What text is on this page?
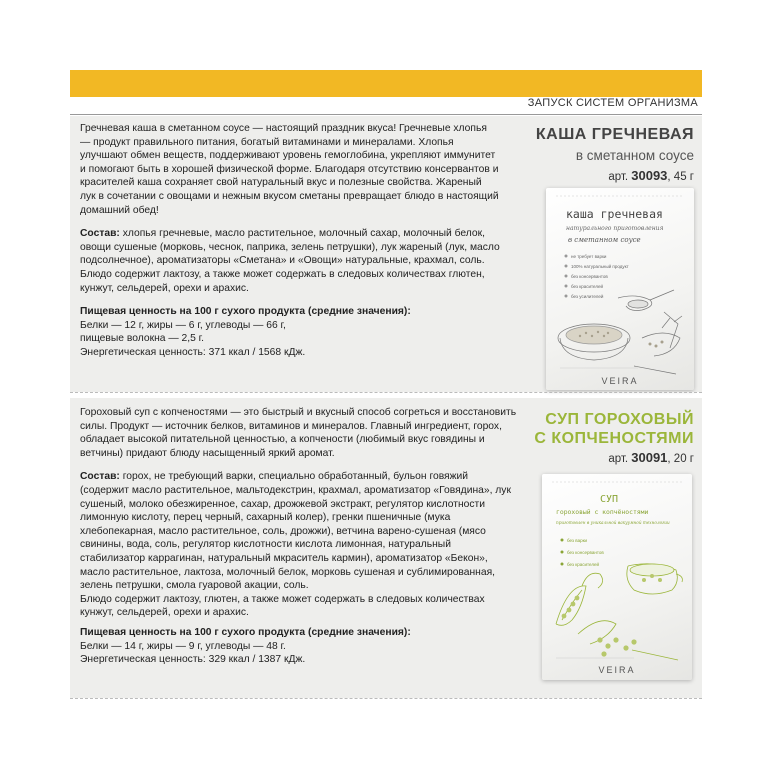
ЗАПУСК СИСТЕМ ОРГАНИЗМА

Гречневая каша в сметанном соусе — настоящий праздник вкуса! Гречневые хлопья — продукт правильного питания, богатый витаминами и минералами. Хлопья улучшают обмен веществ, поддерживают уровень гемоглобина, укрепляют иммунитет и помогают быть в хорошей физической форме. Благодаря отсутствию консервантов и красителей каша сохраняет свой натуральный вкус и полезные свойства. Жареный лук в сочетании с овощами и нежным вкусом сметаны превращает блюдо в настоящий домашний обед!

Состав: хлопья гречневые, масло растительное, молочный сахар, молочный белок, овощи сушеные (морковь, чеснок, паприка, зелень петрушки), лук жареный (лук, масло подсолнечное), ароматизаторы «Сметана» и «Овощи» натуральные, крахмал, соль. Блюдо содержит лактозу, а также может содержать в следовых количествах глютен, кунжут, сельдерей, орехи и арахис.

Пищевая ценность на 100 г сухого продукта (средние значения):

Белки — 12 г, жиры — 6 г, углеводы — 66 г,
пищевые волокна — 2,5 г.
Энергетическая ценность: 371 ккал / 1568 кДж.
КАША ГРЕЧНЕВАЯ
в сметанном соусе
арт. 30093, 45 г
каша гречневая
натурального приготовления
в сметанном соусе
не требует варки
100% натуральный продукт
без консервантов
без красителей
без усилителей
VEIRA

Гороховый суп с копченостями — это быстрый и вкусный способ согреться и восстановить силы. Продукт — источник белков, витаминов и минералов. Главный ингредиент, горох, обладает высокой питательной ценностью, а копчености (любимый вкус говядины и ветчины) придают блюду насыщенный яркий аромат.

Состав: горох, не требующий варки, специально обработанный, бульон говяжий (содержит масло растительное, мальтодекстрин, крахмал, ароматизатор «Говядина», лук сушеный, молоко обезжиренное, сахар, дрожжевой экстракт, регулятор кислотности лимонную кислоту, перец черный, сахарный колер), гренки пшеничные (мука хлебопекарная, масло растительное, соль, дрожжи), ветчина варено-сушеная (мясо свинины, вода, соль, регулятор кислотности кислота лимонная, натуральный стабилизатор каррагинан, натуральный мкраситель кармин), ароматизатор «Бекон», масло растительное, лактоза, молочный белок, морковь сушеная и сублимированная, зелень петрушки, смола гуаровой акации, соль.

Блюдо содержит лактозу, глютен, а также может содержать в следовых количествах кунжут, сельдерей, орехи и арахис.

Пищевая ценность на 100 г сухого продукта (средние значения):

Белки — 14 г, жиры — 9 г, углеводы — 48 г.
Энергетическая ценность: 329 ккал / 1387 кДж.
СУП ГОРОХОВЫЙ
С КОПЧЕНОСТЯМИ
арт. 30091, 20 г
СУП
гороховый с копчёностями
приготовлен в уникальной вакуумной технологии
без варки
без консервантов
без красителей
VEIRA
